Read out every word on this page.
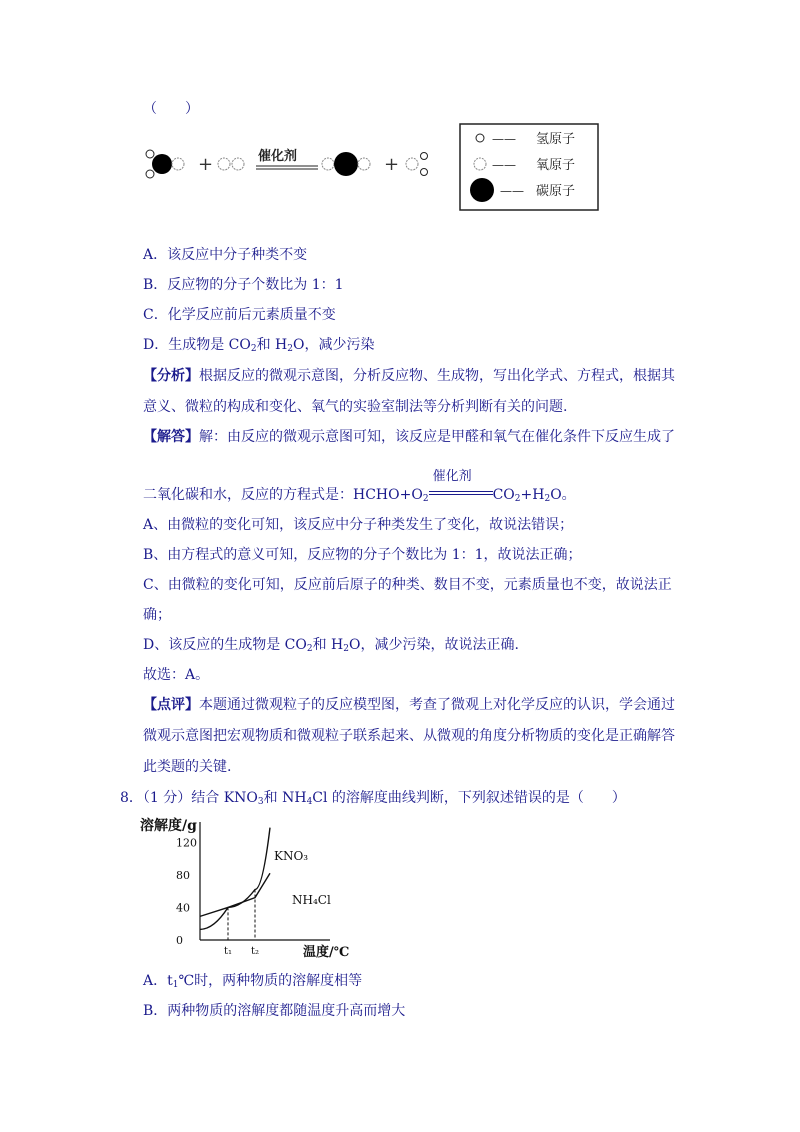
（　　）
+	催化剂	+
—— 氢原子
—— 氧原子
—— 碳原子
A．该反应中分子种类不变
B．反应物的分子个数比为 1：1
C．化学反应前后元素质量不变
D．生成物是 $CO_2$和 $H_2O$，减少污染
【分析】根据反应的微观示意图，分析反应物、生成物，写出化学式、方程式，根据其
意义、微粒的构成和变化、氧气的实验室制法等分析判断有关的问题.
【解答】解：由反应的微观示意图可知，该反应是甲醛和氧气在催化条件下反应生成了
二氧化碳和水，反应的方程式是：$HCHO+O_2$
催化剂
$CO_2+H_2O$。
A、由微粒的变化可知，该反应中分子种类发生了变化，故说法错误；
B、由方程式的意义可知，反应物的分子个数比为 1：1，故说法正确；
C、由微粒的变化可知，反应前后原子的种类、数目不变，元素质量也不变，故说法正
确；
D、该反应的生成物是 $CO_2$和 $H_2O$，减少污染，故说法正确.
故选：A。
【点评】本题通过微观粒子的反应模型图，考查了微观上对化学反应的认识，学会通过
微观示意图把宏观物质和微观粒子联系起来、从微观的角度分析物质的变化是正确解答
此类题的关键.
8．（1 分）结合 $KNO_3$和 $NH_4Cl$ 的溶解度曲线判断，下列叙述错误的是（　　）
溶解度/g
120
80
40
0
t₁ t₂
KNO₃
NH₄Cl
温度/℃
A．$t_1℃$时，两种物质的溶解度相等
B．两种物质的溶解度都随温度升高而增大
